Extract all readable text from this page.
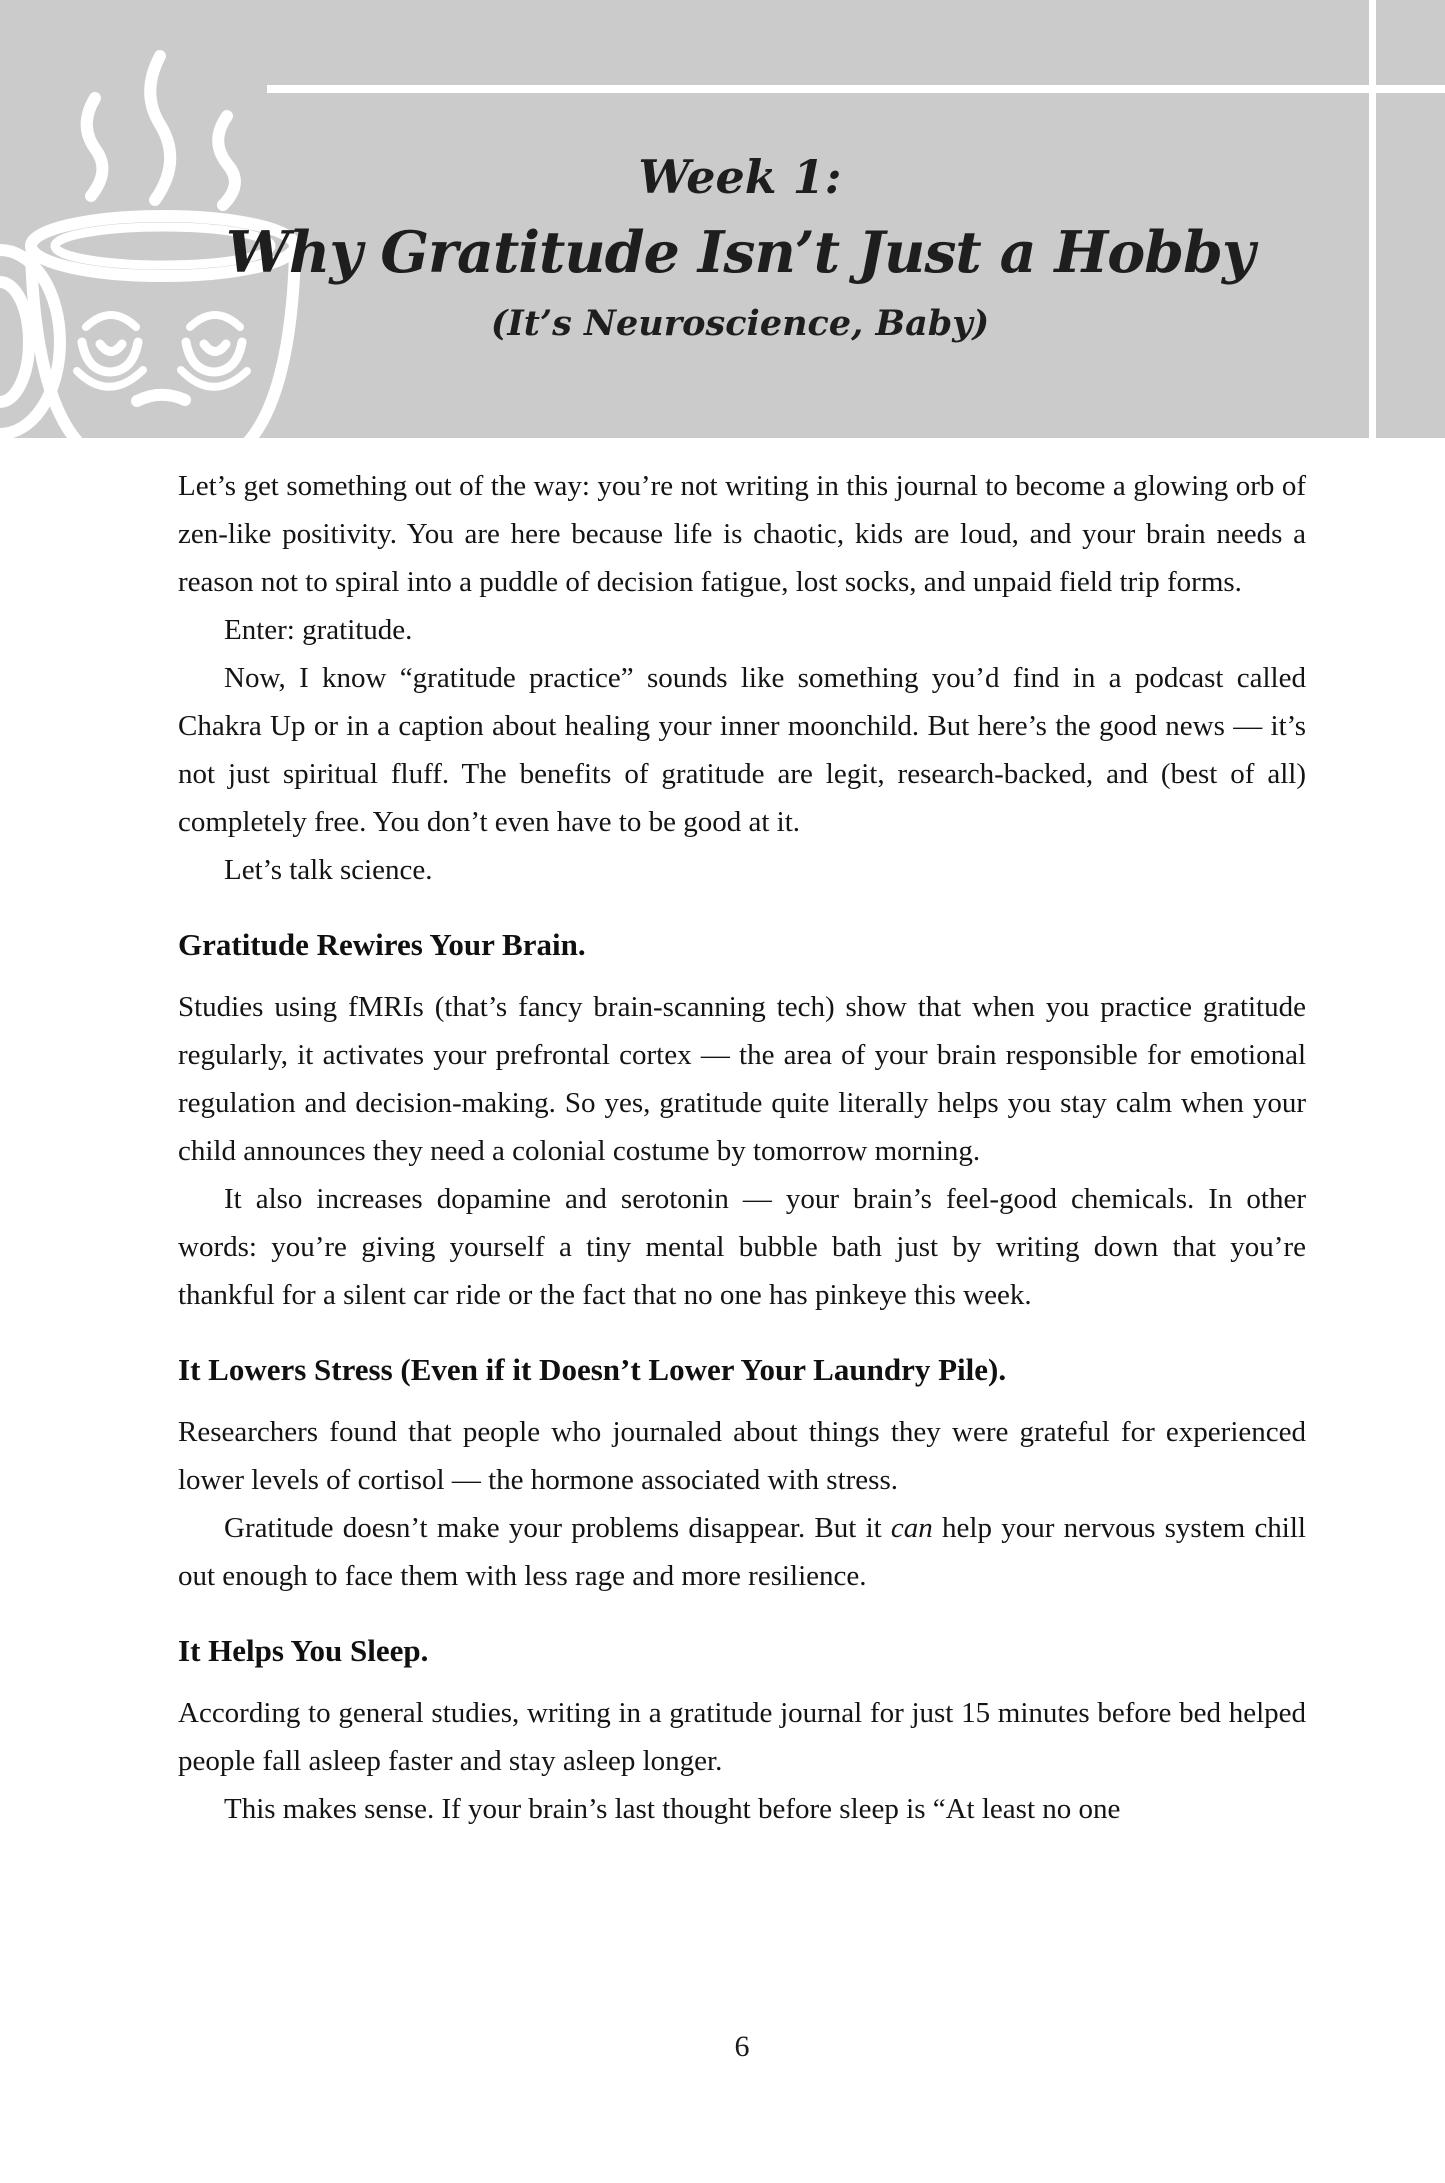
Week 1:
Why Gratitude Isn’t Just a Hobby
(It’s Neuroscience, Baby)

Let’s get something out of the way: you’re not writing in this journal to become a glowing orb of zen-like positivity. You are here because life is chaotic, kids are loud, and your brain needs a reason not to spiral into a puddle of decision fatigue, lost socks, and unpaid field trip forms.

Enter: gratitude.

Now, I know “gratitude practice” sounds like something you’d find in a podcast called Chakra Up or in a caption about healing your inner moonchild. But here’s the good news — it’s not just spiritual fluff. The benefits of gratitude are legit, research-backed, and (best of all) completely free. You don’t even have to be good at it.

Let’s talk science.

Gratitude Rewires Your Brain.

Studies using fMRIs (that’s fancy brain-scanning tech) show that when you practice gratitude regularly, it activates your prefrontal cortex — the area of your brain responsible for emotional regulation and decision-making. So yes, gratitude quite literally helps you stay calm when your child announces they need a colonial costume by tomorrow morning.

It also increases dopamine and serotonin — your brain’s feel-good chemicals. In other words: you’re giving yourself a tiny mental bubble bath just by writing down that you’re thankful for a silent car ride or the fact that no one has pinkeye this week.

It Lowers Stress (Even if it Doesn’t Lower Your Laundry Pile).

Researchers found that people who journaled about things they were grateful for experienced lower levels of cortisol — the hormone associated with stress.

Gratitude doesn’t make your problems disappear. But it can help your nervous system chill out enough to face them with less rage and more resilience.

It Helps You Sleep.

According to general studies, writing in a gratitude journal for just 15 minutes before bed helped people fall asleep faster and stay asleep longer.

This makes sense. If your brain’s last thought before sleep is “At least no one

6
